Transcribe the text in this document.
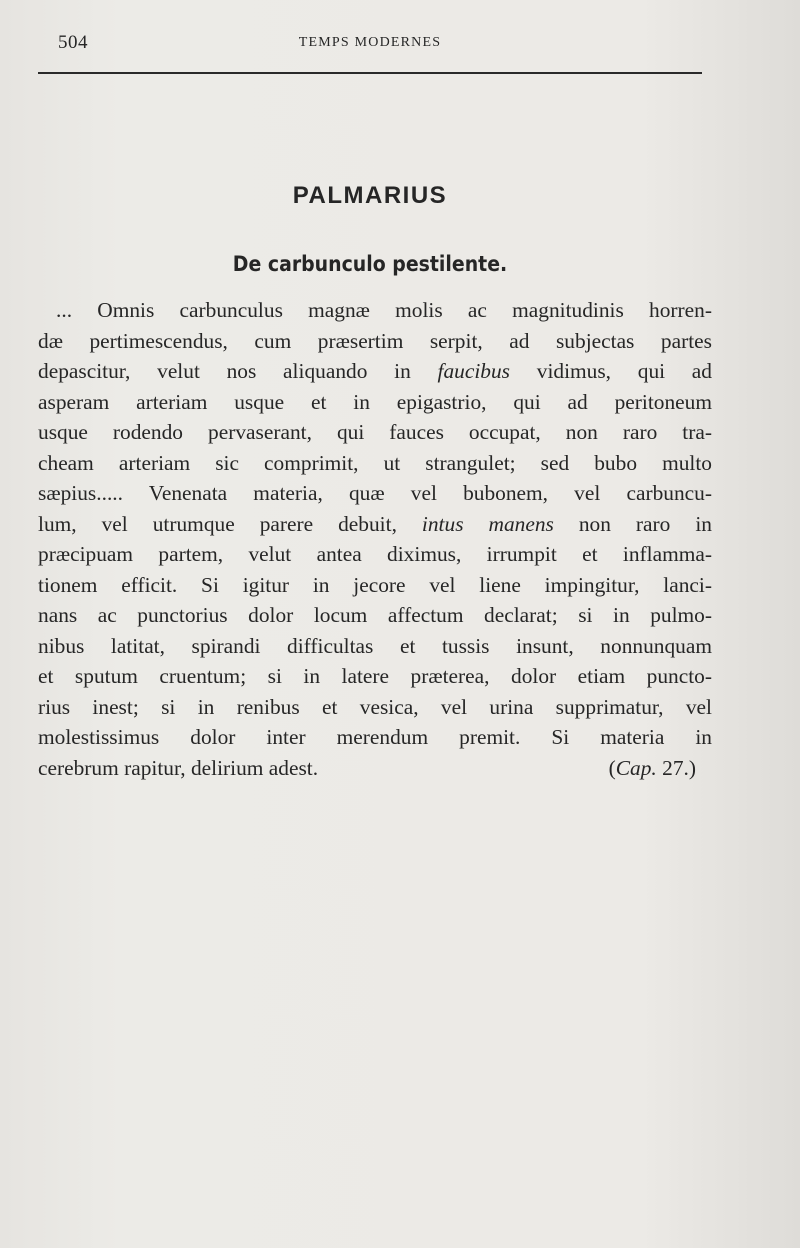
504	TEMPS MODERNES
PALMARIUS
De carbunculo pestilente.
... Omnis carbunculus magnæ molis ac magnitudinis horren-
dæ pertimescendus, cum præsertim serpit, ad subjectas partes
depascitur, velut nos aliquando in faucibus vidimus, qui ad
asperam arteriam usque et in epigastrio, qui ad peritoneum
usque rodendo pervaserant, qui fauces occupat, non raro tra-
cheam arteriam sic comprimit, ut strangulet; sed bubo multo
sæpius..... Venenata materia, quæ vel bubonem, vel carbuncu-
lum, vel utrumque parere debuit, intus manens non raro in
præcipuam partem, velut antea diximus, irrumpit et inflamma-
tionem efficit. Si igitur in jecore vel liene impingitur, lanci-
nans ac punctorius dolor locum affectum declarat; si in pulmo-
nibus latitat, spirandi difficultas et tussis insunt, nonnunquam
et sputum cruentum; si in latere præterea, dolor etiam puncto-
rius inest; si in renibus et vesica, vel urina supprimatur, vel
molestissimus dolor inter merendum premit. Si materia in
cerebrum rapitur, delirium adest.	(Cap. 27.)
